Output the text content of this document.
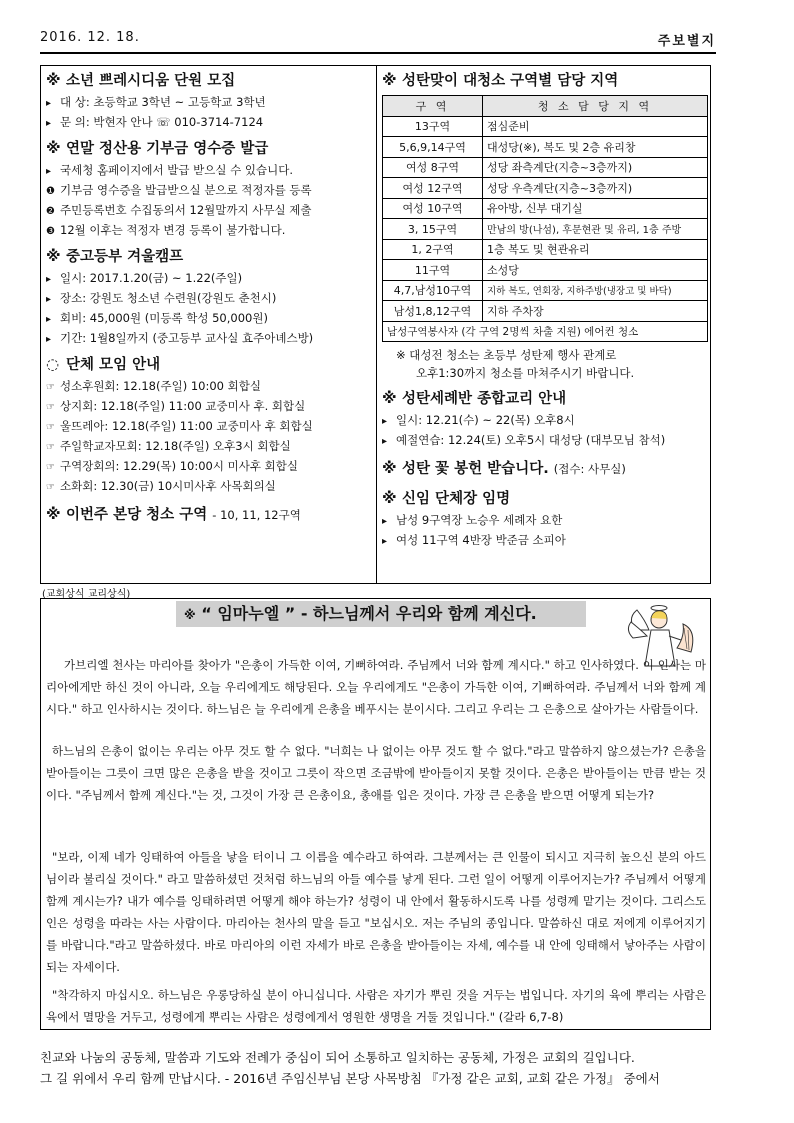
2016. 12. 18.	주보별지
※ 소년 쁘레시디움 단원 모집
▸ 대 상: 초등학교 3학년 ~ 고등학교 3학년
▸ 문 의: 박현자 안나 ☏ 010-3714-7124
※ 연말 정산용 기부금 영수증 발급
▸ 국세청 홈페이지에서 발급 받으실 수 있습니다.
❶ 기부금 영수증을 발급받으실 분으로 적정자를 등록
❷ 주민등록번호 수집동의서 12월말까지 사무실 제출
❸ 12월 이후는 적정자 변경 등록이 불가합니다.
※ 중고등부 겨울캠프
▸ 일시: 2017.1.20(금) ~ 1.22(주일)
▸ 장소: 강원도 청소년 수련원(강원도 춘천시)
▸ 회비: 45,000원 (미등록 학성 50,000원)
▸ 기간: 1월8일까지 (중고등부 교사실 효주아녜스방)
◌ 단체 모임 안내
☞ 성소후원회: 12.18(주일) 10:00 회합실
☞ 상지회: 12.18(주일) 11:00 교중미사 후. 회합실
☞ 울뜨레아: 12.18(주일) 11:00 교중미사 후 회합실
☞ 주일학교자모회: 12.18(주일) 오후3시 회합실
☞ 구역장회의: 12.29(목) 10:00시 미사후 회합실
☞ 소화회: 12.30(금) 10시미사후 사목회의실
※ 이번주 본당 청소 구역 - 10, 11, 12구역
※ 성탄맞이 대청소 구역별 담당 지역
구 역	청 소 담 당 지 역
13구역	점심준비
5,6,9,14구역	대성당(※), 복도 및 2층 유리창
여성 8구역	성당 좌측계단(지층~3층까지)
여성 12구역	성당 우측계단(지층~3층까지)
여성 10구역	유아방, 신부 대기실
3, 15구역	만남의 방(나섬), 후문현관 및 유리, 1층 주방
1, 2구역	1층 복도 및 현관유리
11구역	소성당
4,7,남성10구역	지하 복도, 연회장, 지하주방(냉장고 및 바닥)
남성1,8,12구역	지하 주차장
남성구역봉사자 (각 구역 2명씩 차출 지원) 에어컨 청소	
※ 대성전 청소는 초등부 성탄제 행사 관계로
오후1:30까지 청소를 마쳐주시기 바랍니다.
※ 성탄세례반 종합교리 안내
▸ 일시: 12.21(수) ~ 22(목) 오후8시
▸ 예절연습: 12.24(토) 오후5시 대성당 (대부모님 참석)
※ 성탄 꽃 봉헌 받습니다. (접수: 사무실)
※ 신임 단체장 임명
▸ 남성 9구역장 노승우 세례자 요한
▸ 여성 11구역 4반장 박준금 소피아
(교회상식 교리상식)
※ “ 임마누엘 ” - 하느님께서 우리와 함께 계신다.
가브리엘 천사는 마리아를 찾아가 "은총이 가득한 이여, 기뻐하여라. 주님께서 너와 함께 계시다." 하고 인사하였다. 이 인사는 마리아에게만 하신 것이 아니라, 오늘 우리에게도 해당된다. 오늘 우리에게도 "은총이 가득한 이여, 기뻐하여라. 주님께서 너와 함께 계시다." 하고 인사하시는 것이다. 하느님은 늘 우리에게 은총을 베푸시는 분이시다. 그리고 우리는 그 은총으로 살아가는 사람들이다.
하느님의 은총이 없이는 우리는 아무 것도 할 수 없다. "너희는 나 없이는 아무 것도 할 수 없다."라고 말씀하지 않으셨는가? 은총을 받아들이는 그릇이 크면 많은 은총을 받을 것이고 그릇이 작으면 조금밖에 받아들이지 못할 것이다. 은총은 받아들이는 만큼 받는 것이다. "주님께서 함께 계신다."는 것, 그것이 가장 큰 은총이요, 총애를 입은 것이다. 가장 큰 은총을 받으면 어떻게 되는가?
"보라, 이제 네가 잉태하여 아들을 낳을 터이니 그 이름을 예수라고 하여라. 그분께서는 큰 인물이 되시고 지극히 높으신 분의 아드님이라 불리실 것이다." 라고 말씀하셨던 것처럼 하느님의 아들 예수를 낳게 된다. 그런 일이 어떻게 이루어지는가? 주님께서 어떻게 함께 계시는가? 내가 예수를 잉태하려면 어떻게 해야 하는가? 성령이 내 안에서 활동하시도록 나를 성령께 맡기는 것이다. 그리스도인은 성령을 따라는 사는 사람이다. 마리아는 천사의 말을 듣고 "보십시오. 저는 주님의 종입니다. 말씀하신 대로 저에게 이루어지기를 바랍니다."라고 말씀하셨다. 바로 마리아의 이런 자세가 바로 은총을 받아들이는 자세, 예수를 내 안에 잉태해서 낳아주는 사람이 되는 자세이다.
"착각하지 마십시오. 하느님은 우롱당하실 분이 아니십니다. 사람은 자기가 뿌린 것을 거두는 법입니다. 자기의 육에 뿌리는 사람은 육에서 멸망을 거두고, 성령에게 뿌리는 사람은 성령에게서 영원한 생명을 거둘 것입니다." (갈라 6,7-8)
친교와 나눔의 공동체, 말씀과 기도와 전례가 중심이 되어 소통하고 일치하는 공동체, 가정은 교회의 길입니다.
그 길 위에서 우리 함께 만납시다. - 2016년 주임신부님 본당 사목방침 『가정 같은 교회, 교회 같은 가정』 중에서
